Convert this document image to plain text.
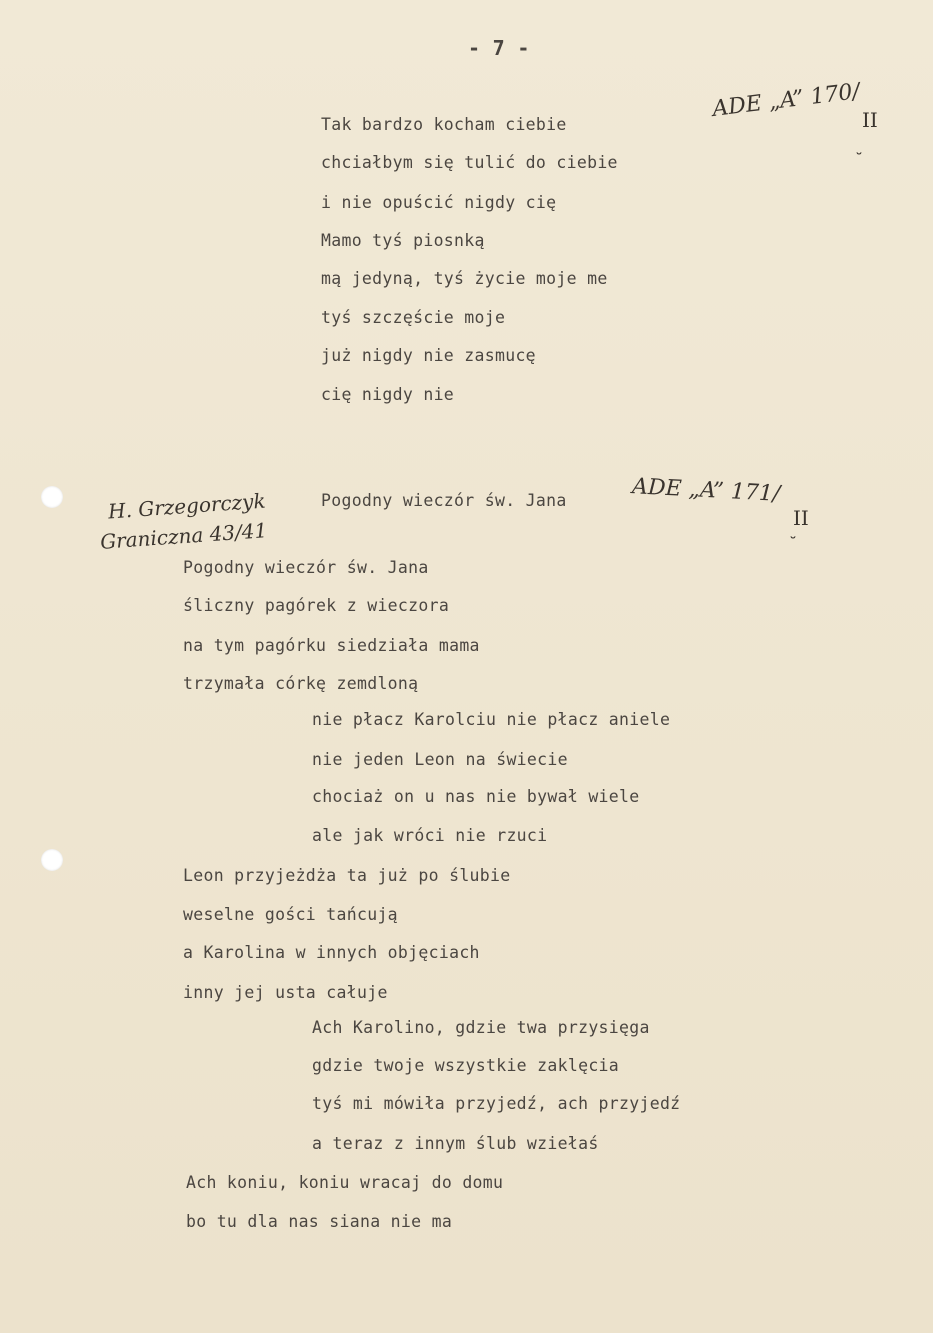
- 7 -
ADE „A” 170/ II
˘
Tak bardzo kocham ciebie
chciałbym się tulić do ciebie
i nie opuścić nigdy cię
Mamo tyś piosnką
mą jedyną, tyś życie moje me
tyś szczęście moje
już nigdy nie zasmucę
cię nigdy nie
H. Grzegorczyk
Graniczna 43/41
Pogodny wieczór św. Jana	ADE „A” 171/
II
˘
Pogodny wieczór św. Jana
śliczny pagórek z wieczora
na tym pagórku siedziała mama
trzymała córkę zemdloną
nie płacz Karolciu nie płacz aniele
nie jeden Leon na świecie
chociaż on u nas nie bywał wiele
ale jak wróci nie rzuci
Leon przyjeżdża ta już po ślubie
weselne gości tańcują
a Karolina w innych objęciach
inny jej usta całuje
Ach Karolino, gdzie twa przysięga
gdzie twoje wszystkie zaklęcia
tyś mi mówiła przyjedź, ach przyjedź
a teraz z innym ślub wziełaś
Ach koniu, koniu wracaj do domu
bo tu dla nas siana nie ma
